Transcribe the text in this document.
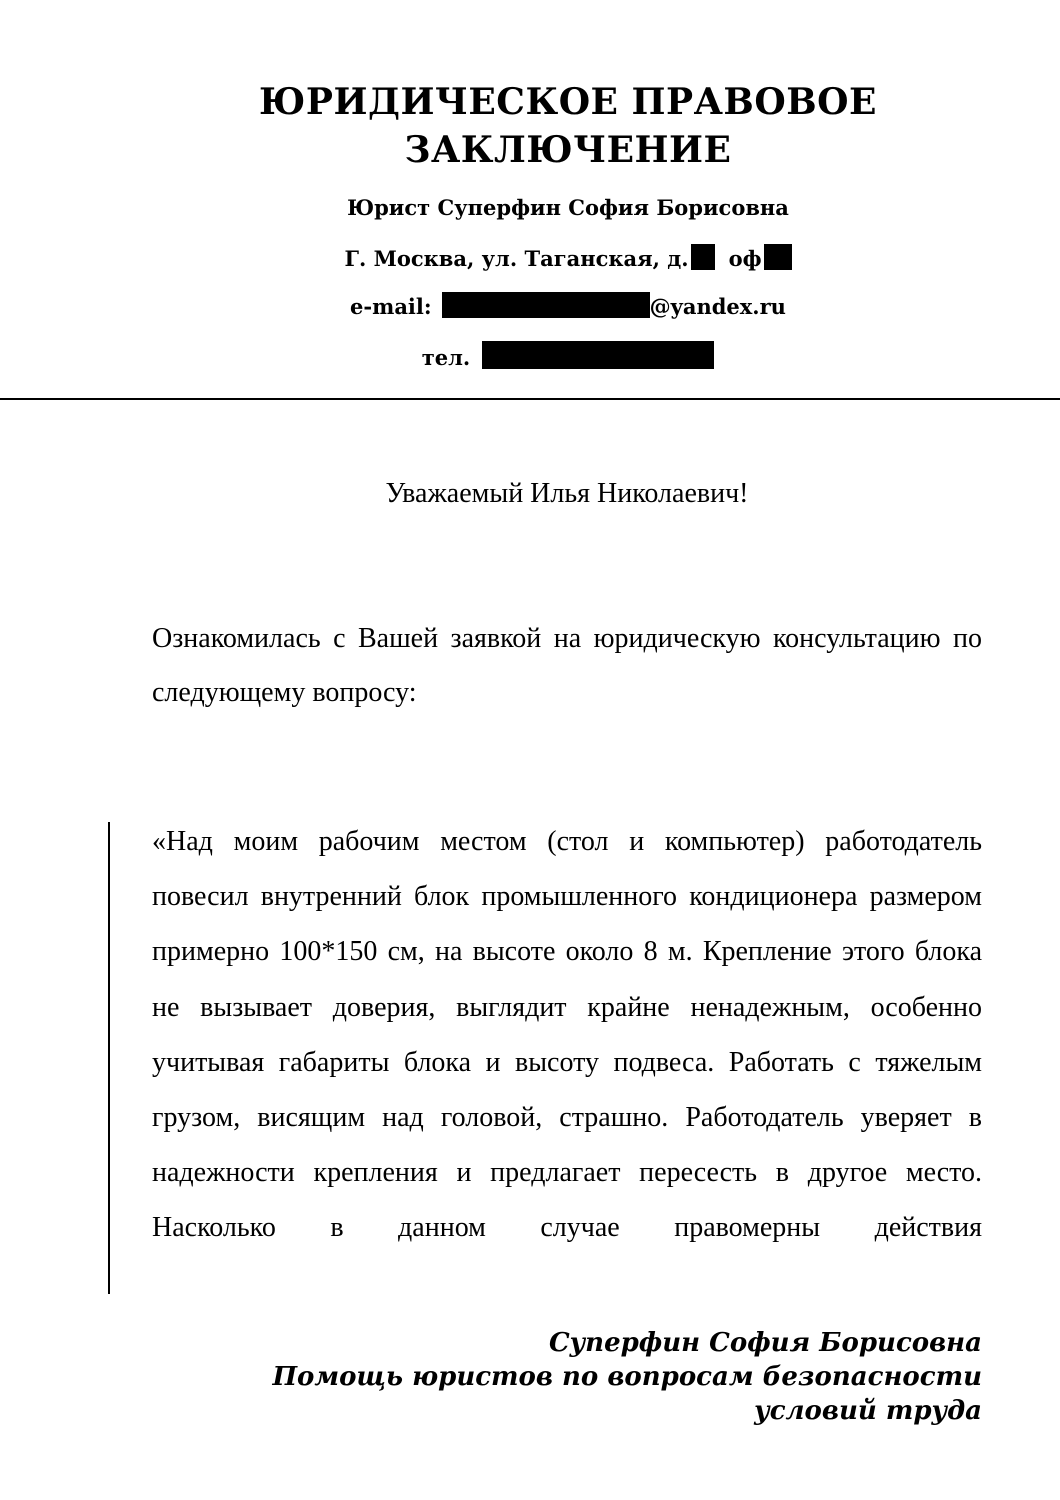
ЮРИДИЧЕСКОЕ ПРАВОВОЕ
ЗАКЛЮЧЕНИЕ
Юрист Суперфин София Борисовна
Г. Москва, ул. Таганская, д. оф
e-mail:	@yandex.ru
тел.
Уважаемый Илья Николаевич!
Ознакомилась с Вашей заявкой на юридическую консультацию по следующему вопросу:
«Над моим рабочим местом (стол и компьютер) работодатель повесил внутренний блок промышленного кондиционера размером примерно 100*150 см, на высоте около 8 м. Крепление этого блока не вызывает доверия, выглядит крайне ненадежным, особенно учитывая габариты блока и высоту подвеса. Работать с тяжелым грузом, висящим над головой, страшно. Работодатель уверяет в надежности крепления и предлагает пересесть в другое место. Насколько в данном случае правомерны действия
Суперфин София Борисовна
Помощь юристов по вопросам безопасности
условий труда
